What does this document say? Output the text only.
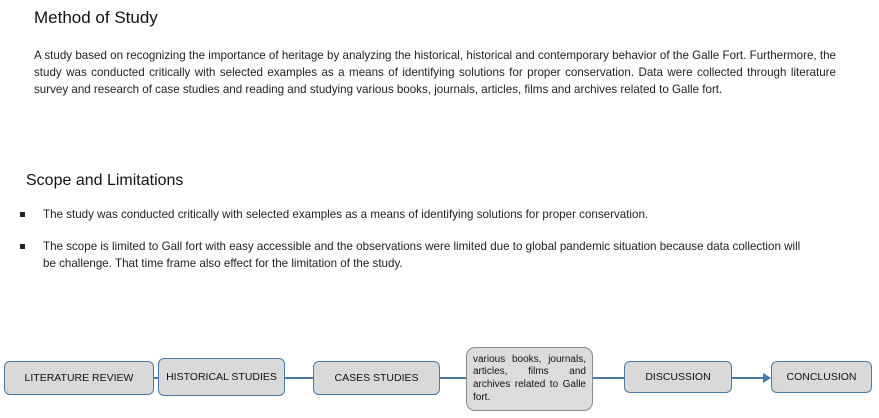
Method of Study
A study based on recognizing the importance of heritage by analyzing the historical, historical and contemporary behavior of the Galle Fort. Furthermore, the study was conducted critically with selected examples as a means of identifying solutions for proper conservation. Data were collected through literature survey and research of case studies and reading and studying various books, journals, articles, films and archives related to Galle fort.
Scope and Limitations
The study was conducted critically with selected examples as a means of identifying solutions for proper conservation.
The scope is limited to Gall fort with easy accessible and the observations were limited due to global pandemic situation because data collection will be challenge. That time frame also effect for the limitation of the study.
LITERATURE REVIEW	HISTORICAL STUDIES	CASES STUDIES
various books, journals, articles, films and archives related to Galle fort.
DISCUSSION	CONCLUSION
